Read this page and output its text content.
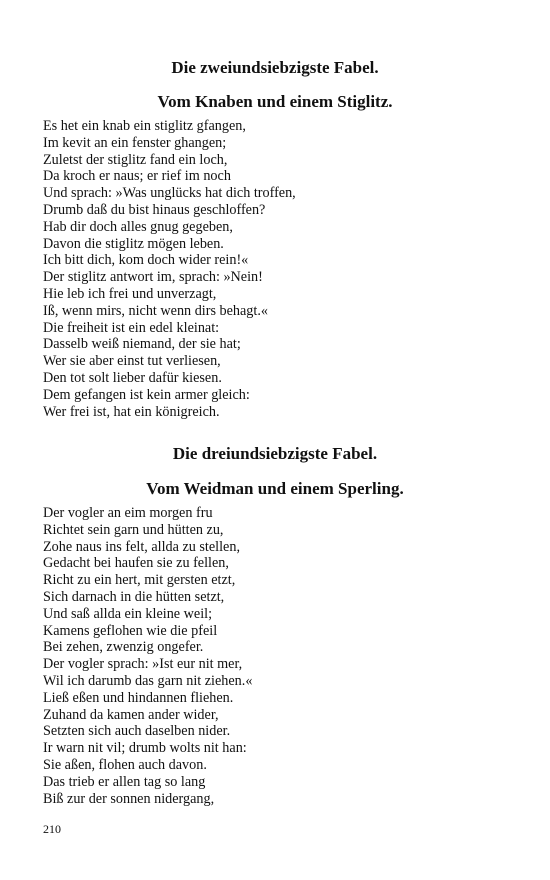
Die zweiundsiebzigste Fabel.
Vom Knaben und einem Stiglitz.
Es het ein knab ein stiglitz gfangen,
Im kevit an ein fenster ghangen;
Zuletst der stiglitz fand ein loch,
Da kroch er naus; er rief im noch
Und sprach: »Was unglücks hat dich troffen,
Drumb daß du bist hinaus geschloffen?
Hab dir doch alles gnug gegeben,
Davon die stiglitz mögen leben.
Ich bitt dich, kom doch wider rein!«
Der stiglitz antwort im, sprach: »Nein!
Hie leb ich frei und unverzagt,
Iß, wenn mirs, nicht wenn dirs behagt.«
Die freiheit ist ein edel kleinat:
Dasselb weiß niemand, der sie hat;
Wer sie aber einst tut verliesen,
Den tot solt lieber dafür kiesen.
Dem gefangen ist kein armer gleich:
Wer frei ist, hat ein königreich.
Die dreiundsiebzigste Fabel.
Vom Weidman und einem Sperling.
Der vogler an eim morgen fru
Richtet sein garn und hütten zu,
Zohe naus ins felt, allda zu stellen,
Gedacht bei haufen sie zu fellen,
Richt zu ein hert, mit gersten etzt,
Sich darnach in die hütten setzt,
Und saß allda ein kleine weil;
Kamens geflohen wie die pfeil
Bei zehen, zwenzig ongefer.
Der vogler sprach: »Ist eur nit mer,
Wil ich darumb das garn nit ziehen.«
Ließ eßen und hindannen fliehen.
Zuhand da kamen ander wider,
Setzten sich auch daselben nider.
Ir warn nit vil; drumb wolts nit han:
Sie aßen, flohen auch davon.
Das trieb er allen tag so lang
Biß zur der sonnen nidergang,
210
